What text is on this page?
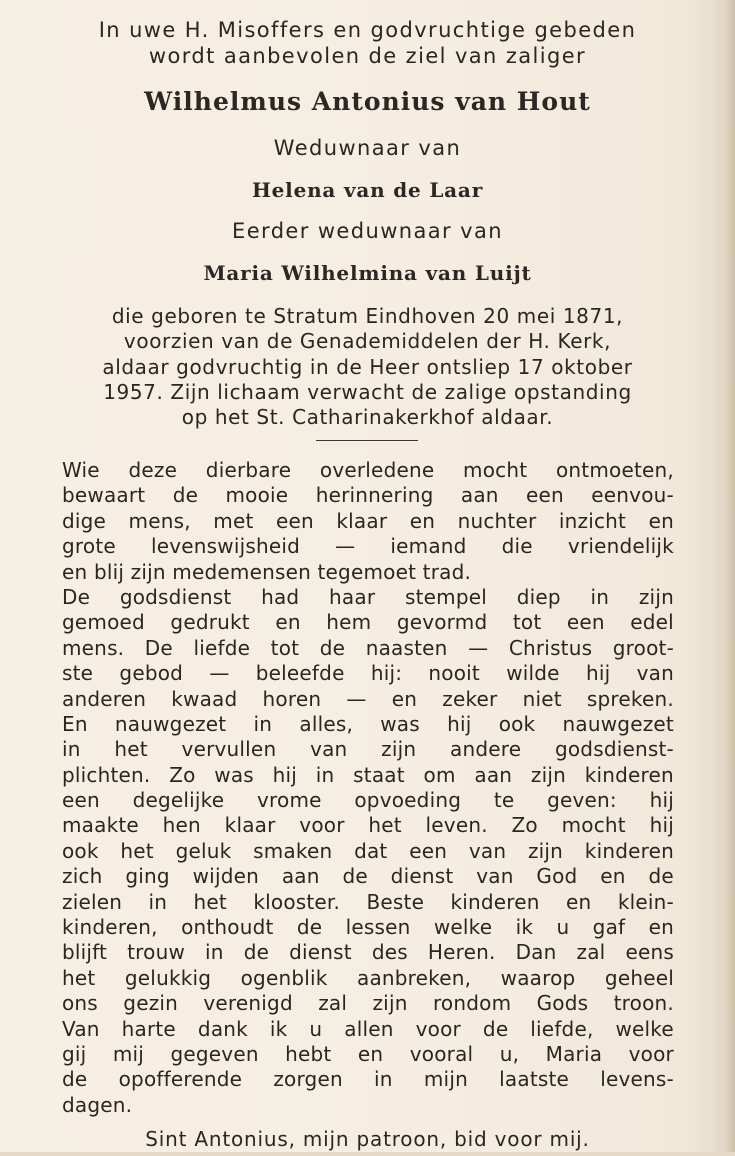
In uwe H. Misoffers en godvruchtige gebeden
wordt aanbevolen de ziel van zaliger
Wilhelmus Antonius van Hout
Weduwnaar van
Helena van de Laar
Eerder weduwnaar van
Maria Wilhelmina van Luijt
die geboren te Stratum Eindhoven 20 mei 1871,
voorzien van de Genademiddelen der H. Kerk,
aldaar godvruchtig in de Heer ontsliep 17 oktober
1957. Zijn lichaam verwacht de zalige opstanding
op het St. Catharinakerkhof aldaar.
Wie deze dierbare overledene mocht ontmoeten,
bewaart de mooie herinnering aan een eenvou-
dige mens, met een klaar en nuchter inzicht en
grote levenswijsheid — iemand die vriendelijk
en blij zijn medemensen tegemoet trad.
De godsdienst had haar stempel diep in zijn
gemoed gedrukt en hem gevormd tot een edel
mens. De liefde tot de naasten — Christus groot-
ste gebod — beleefde hij: nooit wilde hij van
anderen kwaad horen — en zeker niet spreken.
En nauwgezet in alles, was hij ook nauwgezet
in het vervullen van zijn andere godsdienst-
plichten. Zo was hij in staat om aan zijn kinderen
een degelijke vrome opvoeding te geven: hij
maakte hen klaar voor het leven. Zo mocht hij
ook het geluk smaken dat een van zijn kinderen
zich ging wijden aan de dienst van God en de
zielen in het klooster. Beste kinderen en klein-
kinderen, onthoudt de lessen welke ik u gaf en
blijft trouw in de dienst des Heren. Dan zal eens
het gelukkig ogenblik aanbreken, waarop geheel
ons gezin verenigd zal zijn rondom Gods troon.
Van harte dank ik u allen voor de liefde, welke
gij mij gegeven hebt en vooral u, Maria voor
de opofferende zorgen in mijn laatste levens-
dagen.
Sint Antonius, mijn patroon, bid voor mij.
